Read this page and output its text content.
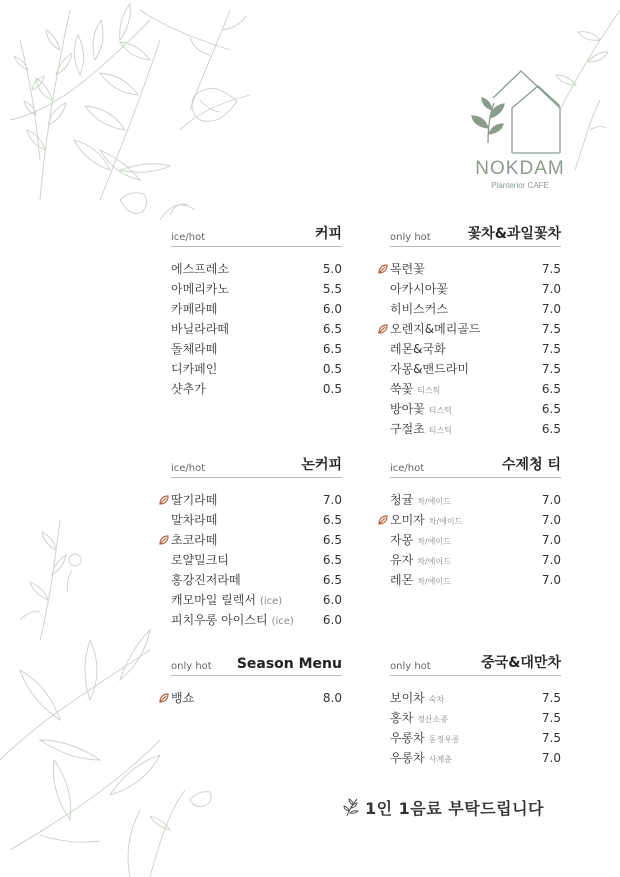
NOKDAM
Planterior CAFE
ice/hot	커피
에스프레소	5.0
아메리카노	5.5
카페라떼	6.0
바닐라라떼	6.5
돌체라떼	6.5
디카페인	0.5
샷추가	0.5
ice/hot	논커피
딸기라떼	7.0
말차라떼	6.5
초코라떼	6.5
로얄밀크티	6.5
홍강진저라떼	6.5
캐모마일 릴렉서 (ice)	6.0
피치우롱 아이스티 (ice) 6.0
only hot Season Menu
뱅쇼	8.0
only hot	꽃차&과일꽃차
목련꽃	7.5
아카시아꽃	7.0
히비스커스	7.0
오렌지&메리골드	7.5
레몬&국화	7.5
자몽&맨드라미	7.5
쑥꽃 티스틱	6.5
방아꽃 티스틱	6.5
구절초 티스틱	6.5
ice/hot	수제청 티
청귤 차/에이드	7.0
오미자 차/에이드	7.0
자몽 차/에이드	7.0
유자 차/에이드	7.0
레몬 차/에이드	7.0
only hot	중국&대만차
보이차 숙차	7.5
홍차 정산소종	7.5
우롱차 동정우롱	7.5
우롱차 사계춘	7.0
1인 1음료 부탁드립니다
